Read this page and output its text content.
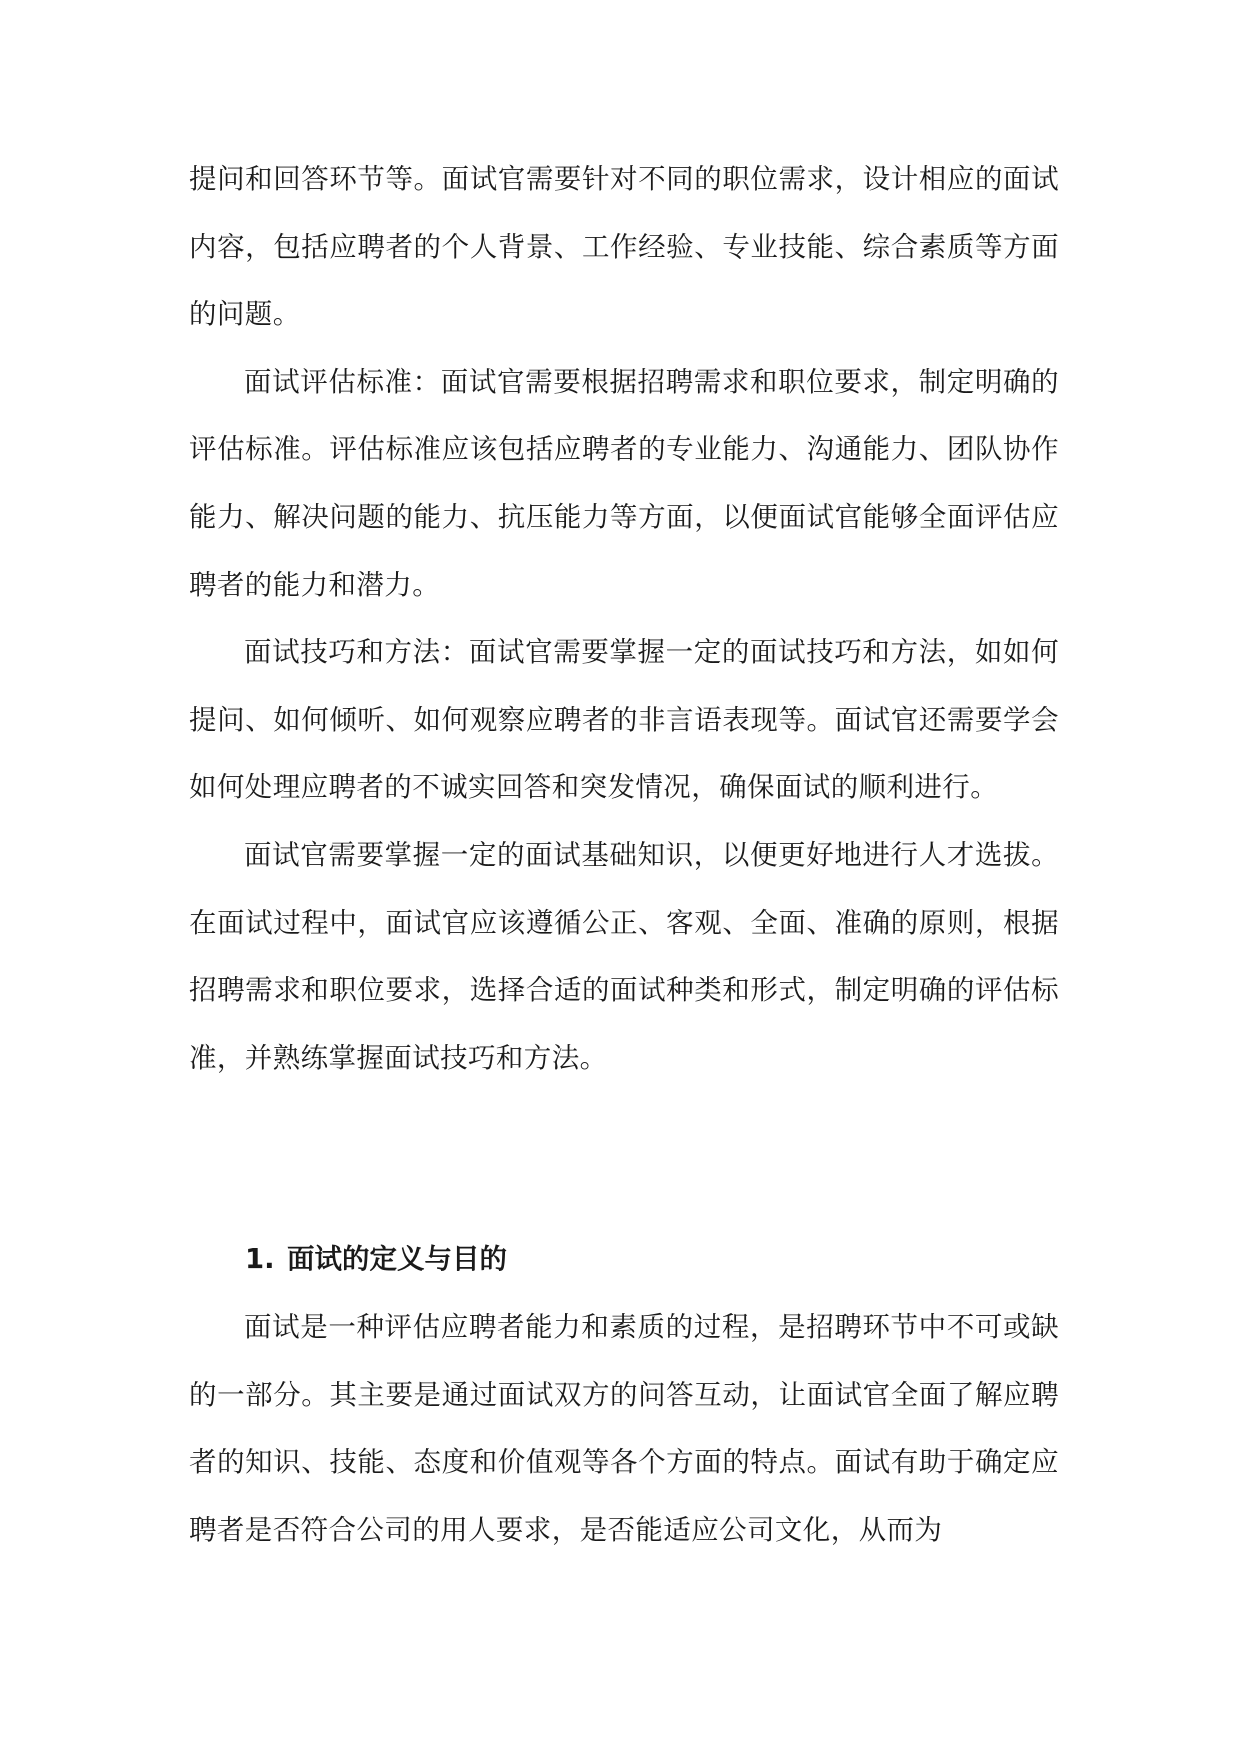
提问和回答环节等。面试官需要针对不同的职位需求，设计相应的面试内容，包括应聘者的个人背景、工作经验、专业技能、综合素质等方面的问题。

面试评估标准：面试官需要根据招聘需求和职位要求，制定明确的评估标准。评估标准应该包括应聘者的专业能力、沟通能力、团队协作能力、解决问题的能力、抗压能力等方面，以便面试官能够全面评估应聘者的能力和潜力。

面试技巧和方法：面试官需要掌握一定的面试技巧和方法，如如何提问、如何倾听、如何观察应聘者的非言语表现等。面试官还需要学会如何处理应聘者的不诚实回答和突发情况，确保面试的顺利进行。

面试官需要掌握一定的面试基础知识，以便更好地进行人才选拔。在面试过程中，面试官应该遵循公正、客观、全面、准确的原则，根据招聘需求和职位要求，选择合适的面试种类和形式，制定明确的评估标准，并熟练掌握面试技巧和方法。

1. 面试的定义与目的

面试是一种评估应聘者能力和素质的过程，是招聘环节中不可或缺的一部分。其主要是通过面试双方的问答互动，让面试官全面了解应聘者的知识、技能、态度和价值观等各个方面的特点。面试有助于确定应聘者是否符合公司的用人要求，是否能适应公司文化，从而为
